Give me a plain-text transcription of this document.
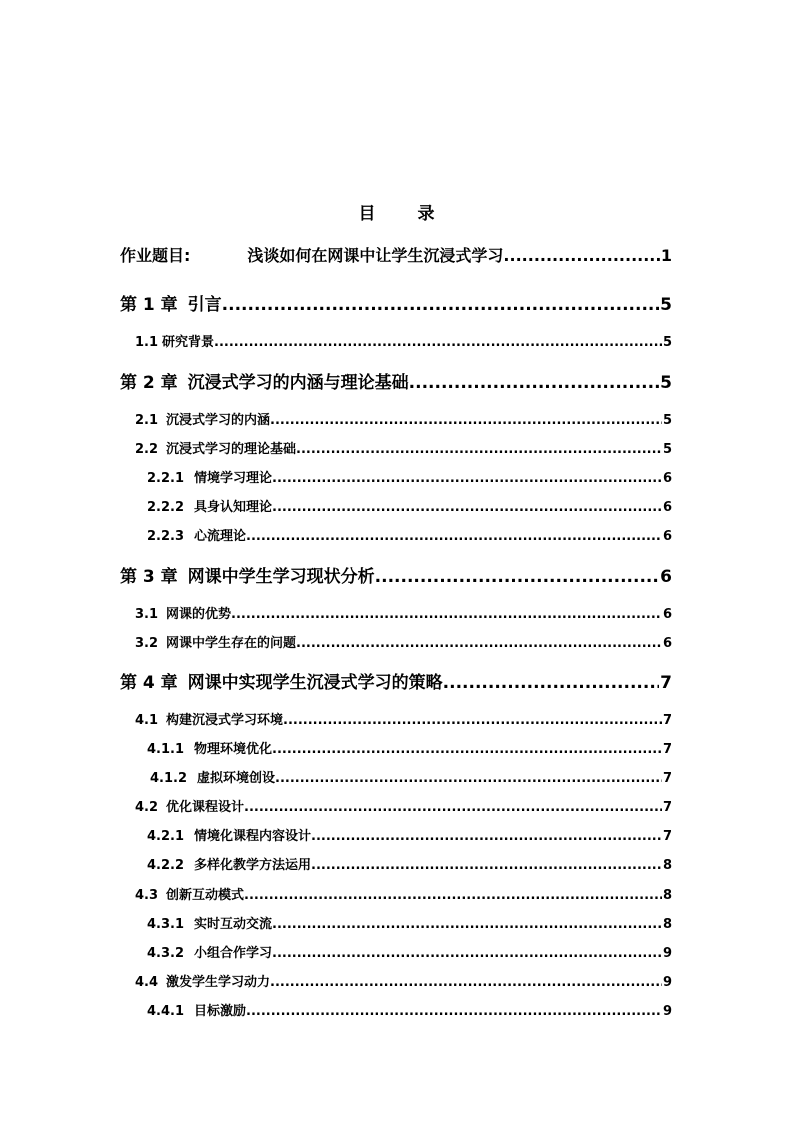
目 录
作业题目:	浅谈如何在网课中让学生沉浸式学习 .....	1
第 1 章 引言 .....	5
1.1 研究背景 .....	5
第 2 章 沉浸式学习的内涵与理论基础 .....	5
2.1 沉浸式学习的内涵 .....	5
2.2 沉浸式学习的理论基础 .....	5
2.2.1 情境学习理论 .....	6
2.2.2 具身认知理论 .....	6
2.2.3 心流理论 .....	6
第 3 章 网课中学生学习现状分析 .....	6
3.1 网课的优势 .....	6
3.2 网课中学生存在的问题 .....	6
第 4 章 网课中实现学生沉浸式学习的策略 .....	7
4.1 构建沉浸式学习环境 .....	7
4.1.1 物理环境优化 .....	7
4.1.2 虚拟环境创设 .....	7
4.2 优化课程设计 .....	7
4.2.1 情境化课程内容设计 .....	7
4.2.2 多样化教学方法运用 .....	8
4.3 创新互动模式 .....	8
4.3.1 实时互动交流 .....	8
4.3.2 小组合作学习 .....	9
4.4 激发学生学习动力 .....	9
4.4.1 目标激励 .....	9
